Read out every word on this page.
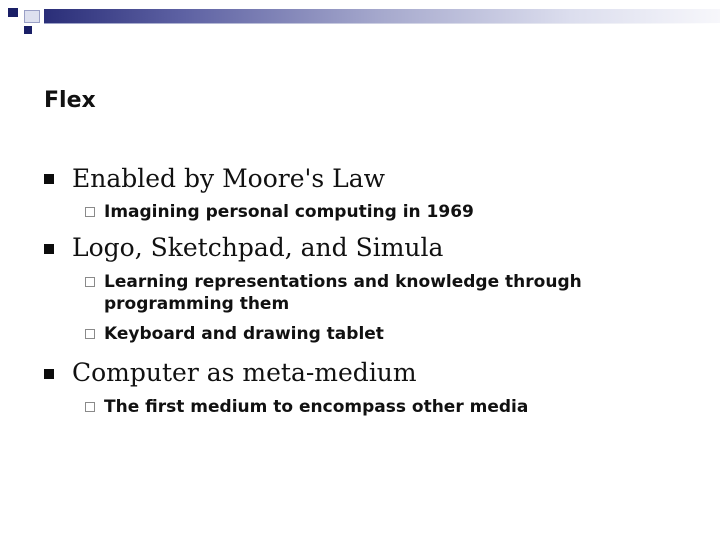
Flex
Enabled by Moore's Law
Imagining personal computing in 1969
Logo, Sketchpad, and Simula
Learning representations and knowledge through
programming them
Keyboard and drawing tablet
Computer as meta-medium
The first medium to encompass other media
